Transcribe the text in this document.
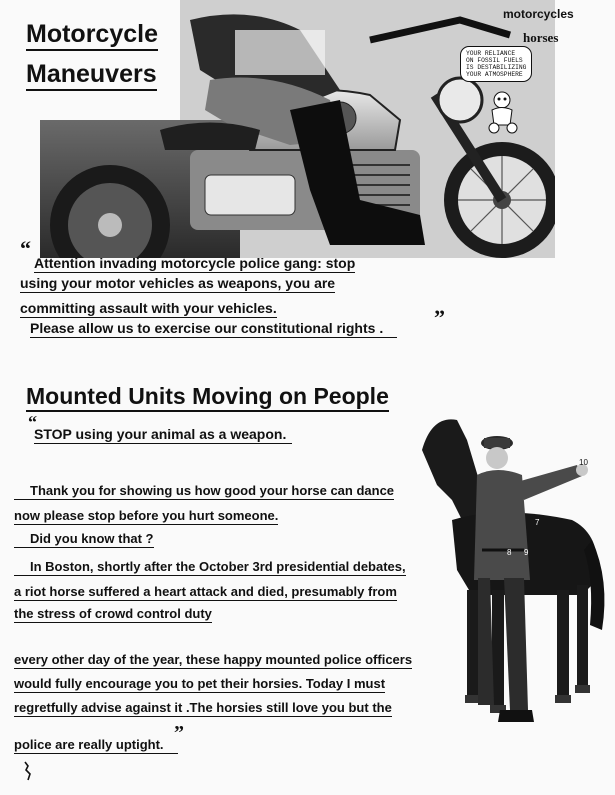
Motorcycle
Maneuvers
motorcycles
horses
YOUR RELIANCE
ON FOSSIL FUELS
IS DESTABILIZING
YOUR ATMOSPHERE
“
Attention invading motorcycle police gang: stop
using your motor vehicles as weapons, you are
committing assault with your vehicles.	”
Please allow us to exercise our constitutional rights .
Mounted Units Moving on People
“
STOP using your animal as a weapon.
10
7
8 9
Thank you for showing us how good your horse can dance
now please stop before you hurt someone.
Did you know that ?
In Boston, shortly after the October 3rd presidential debates,
a riot horse suffered a heart attack and died, presumably from
the stress of crowd control duty
every other day of the year, these happy mounted police officers
would fully encourage you to pet their horsies. Today I must
regretfully advise against it .The horsies still love you but the
police are really uptight.
”
